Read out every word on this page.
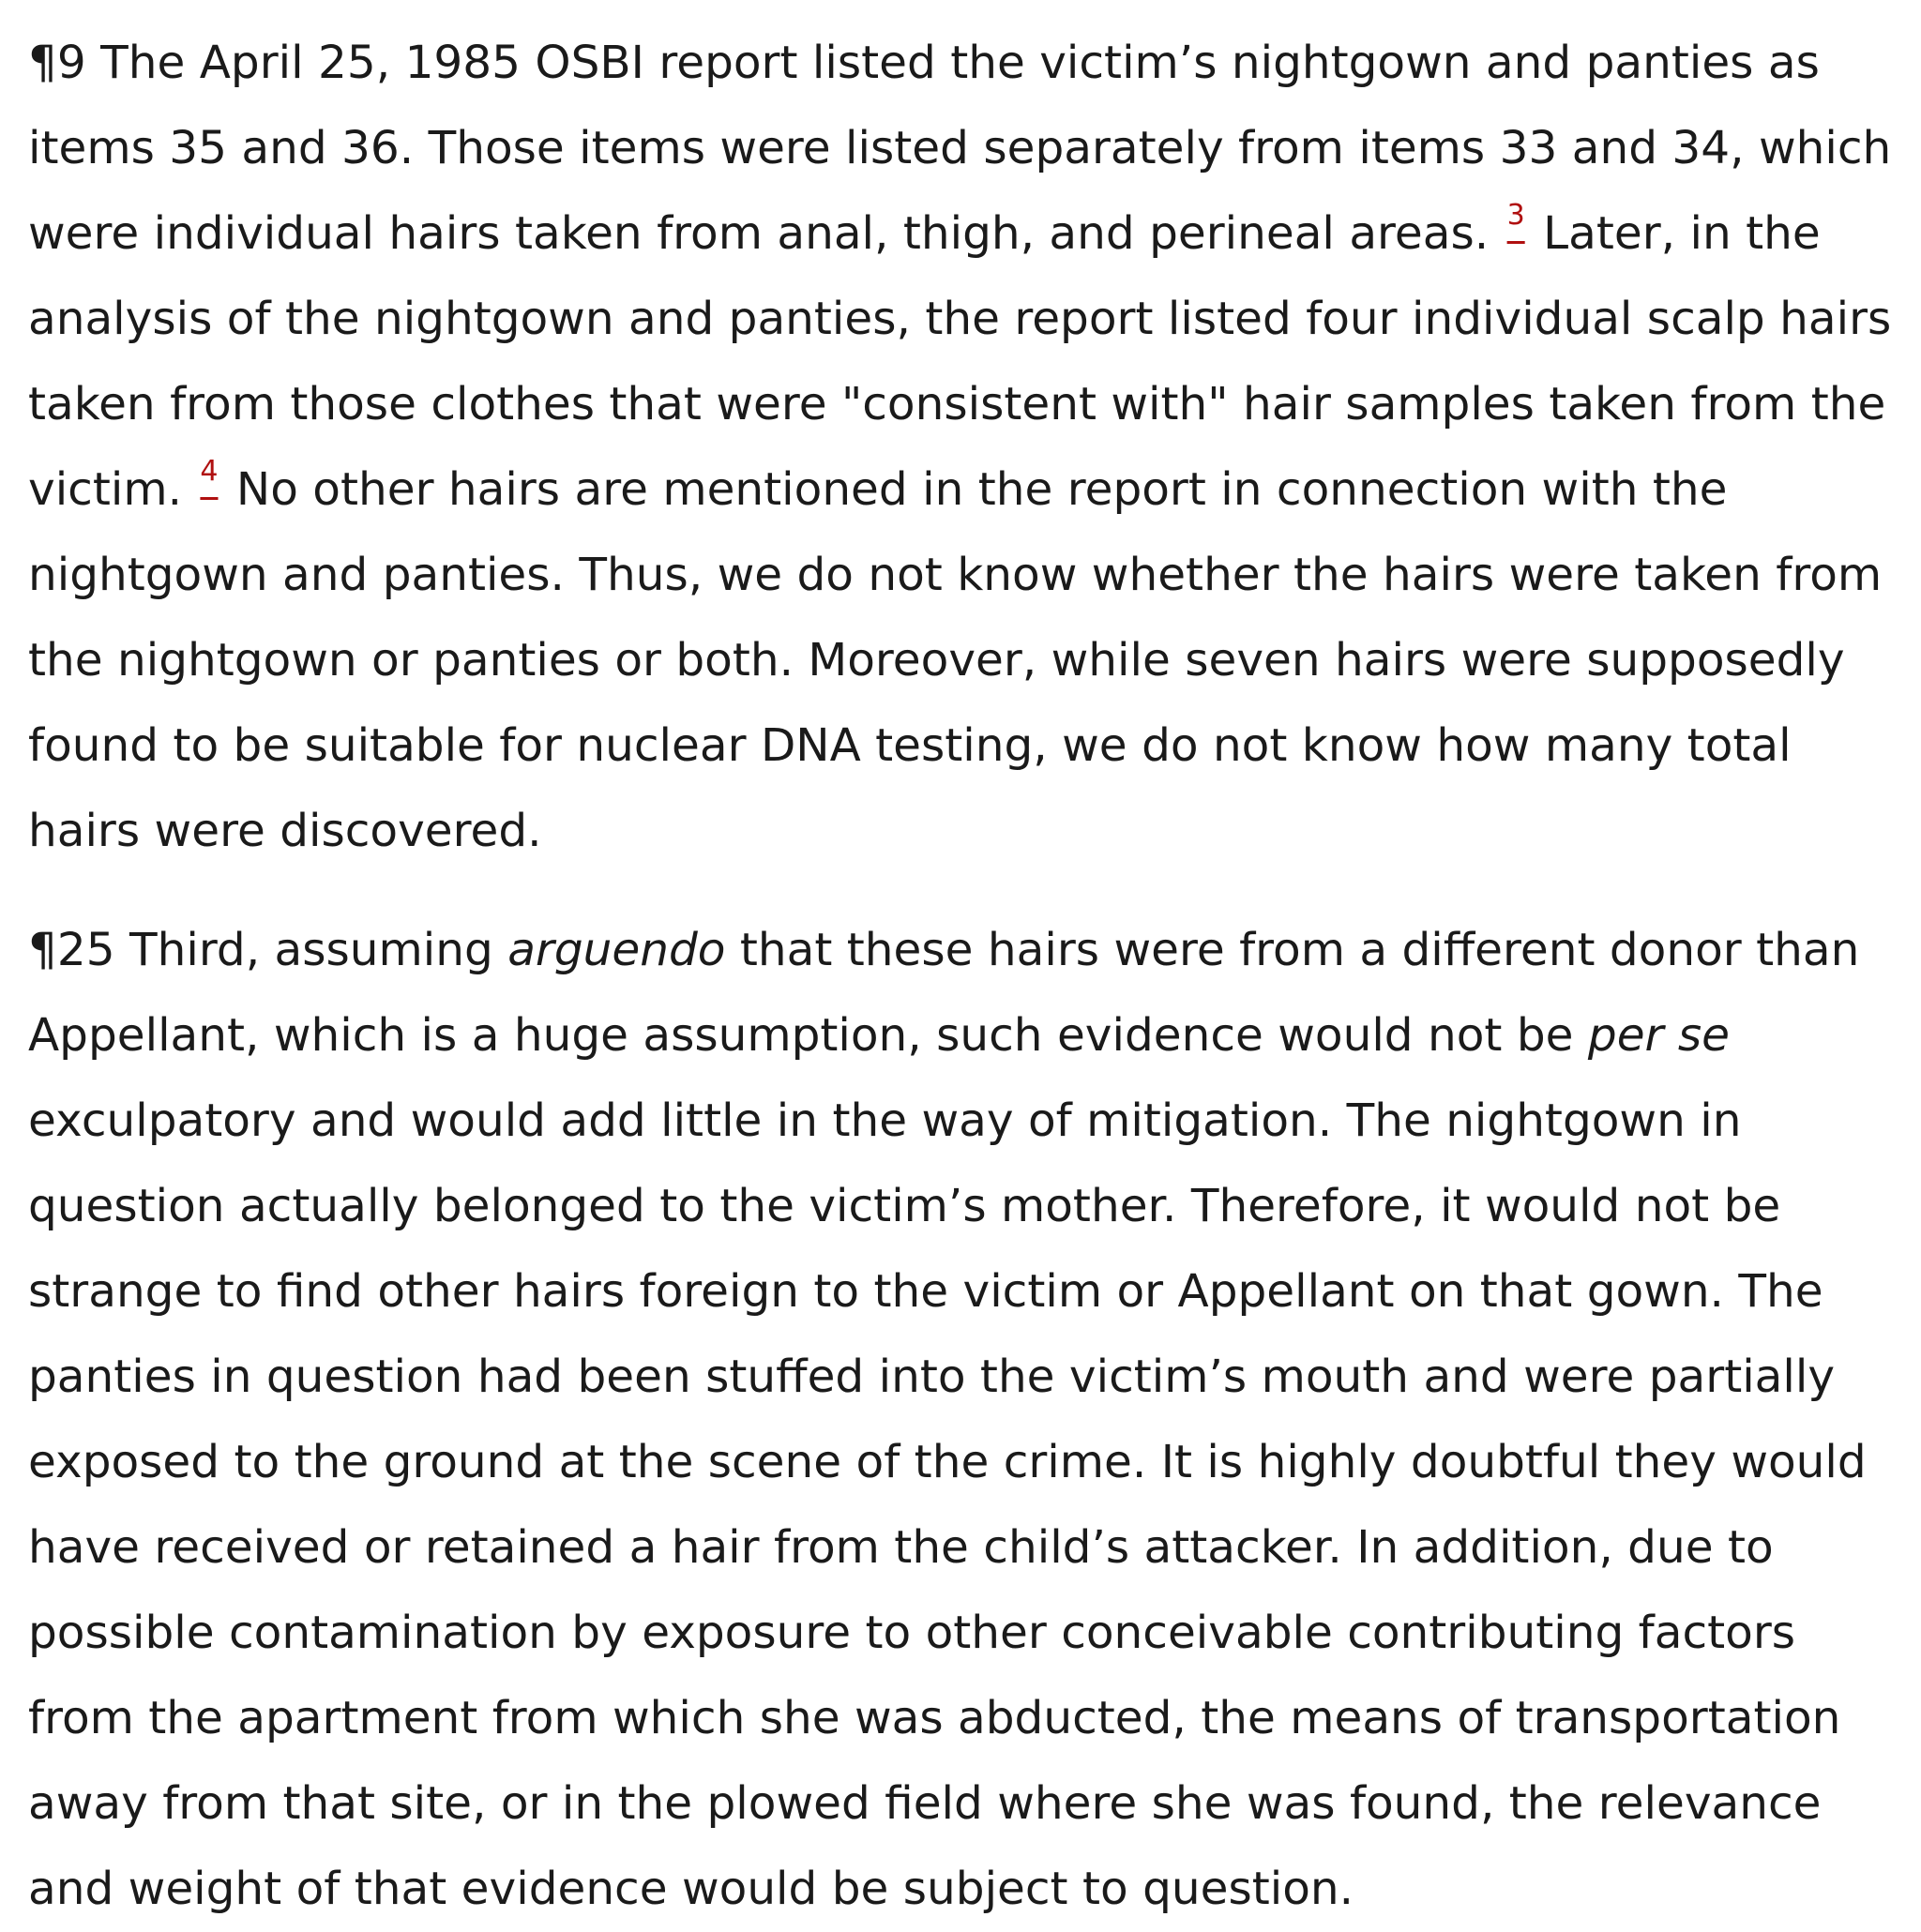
¶9 The April 25, 1985 OSBI report listed the victim’s nightgown and panties as items 35 and 36. Those items were listed separately from items 33 and 34, which were individual hairs taken from anal, thigh, and perineal areas. 3 Later, in the analysis of the nightgown and panties, the report listed four individual scalp hairs taken from those clothes that were "consistent with" hair samples taken from the victim. 4 No other hairs are mentioned in the report in connection with the nightgown and panties. Thus, we do not know whether the hairs were taken from the nightgown or panties or both. Moreover, while seven hairs were supposedly found to be suitable for nuclear DNA testing, we do not know how many total hairs were discovered.

¶25 Third, assuming arguendo that these hairs were from a different donor than Appellant, which is a huge assumption, such evidence would not be per se exculpatory and would add little in the way of mitigation. The nightgown in question actually belonged to the victim’s mother. Therefore, it would not be strange to find other hairs foreign to the victim or Appellant on that gown. The panties in question had been stuffed into the victim’s mouth and were partially exposed to the ground at the scene of the crime. It is highly doubtful they would have received or retained a hair from the child’s attacker. In addition, due to possible contamination by exposure to other conceivable contributing factors from the apartment from which she was abducted, the means of transportation away from that site, or in the plowed field where she was found, the relevance and weight of that evidence would be subject to question.
